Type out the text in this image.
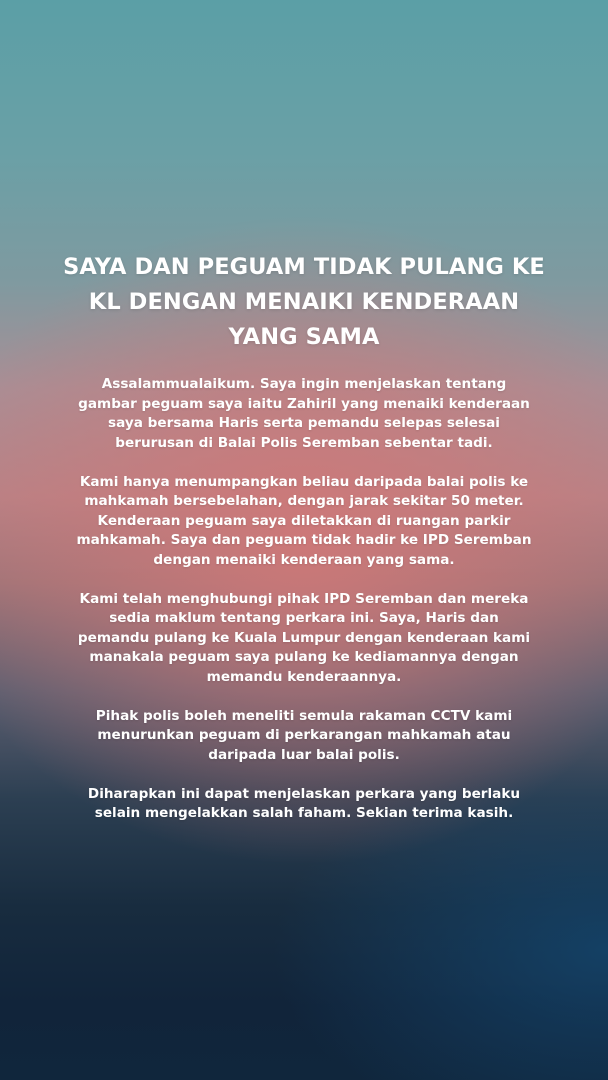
SAYA DAN PEGUAM TIDAK PULANG KE
KL DENGAN MENAIKI KENDERAAN
YANG SAMA

Assalammualaikum. Saya ingin menjelaskan tentang
gambar peguam saya iaitu Zahiril yang menaiki kenderaan
saya bersama Haris serta pemandu selepas selesai
berurusan di Balai Polis Seremban sebentar tadi.

Kami hanya menumpangkan beliau daripada balai polis ke
mahkamah bersebelahan, dengan jarak sekitar 50 meter.
Kenderaan peguam saya diletakkan di ruangan parkir
mahkamah. Saya dan peguam tidak hadir ke IPD Seremban
dengan menaiki kenderaan yang sama.

Kami telah menghubungi pihak IPD Seremban dan mereka
sedia maklum tentang perkara ini. Saya, Haris dan
pemandu pulang ke Kuala Lumpur dengan kenderaan kami
manakala peguam saya pulang ke kediamannya dengan
memandu kenderaannya.

Pihak polis boleh meneliti semula rakaman CCTV kami
menurunkan peguam di perkarangan mahkamah atau
daripada luar balai polis.

Diharapkan ini dapat menjelaskan perkara yang berlaku
selain mengelakkan salah faham. Sekian terima kasih.
